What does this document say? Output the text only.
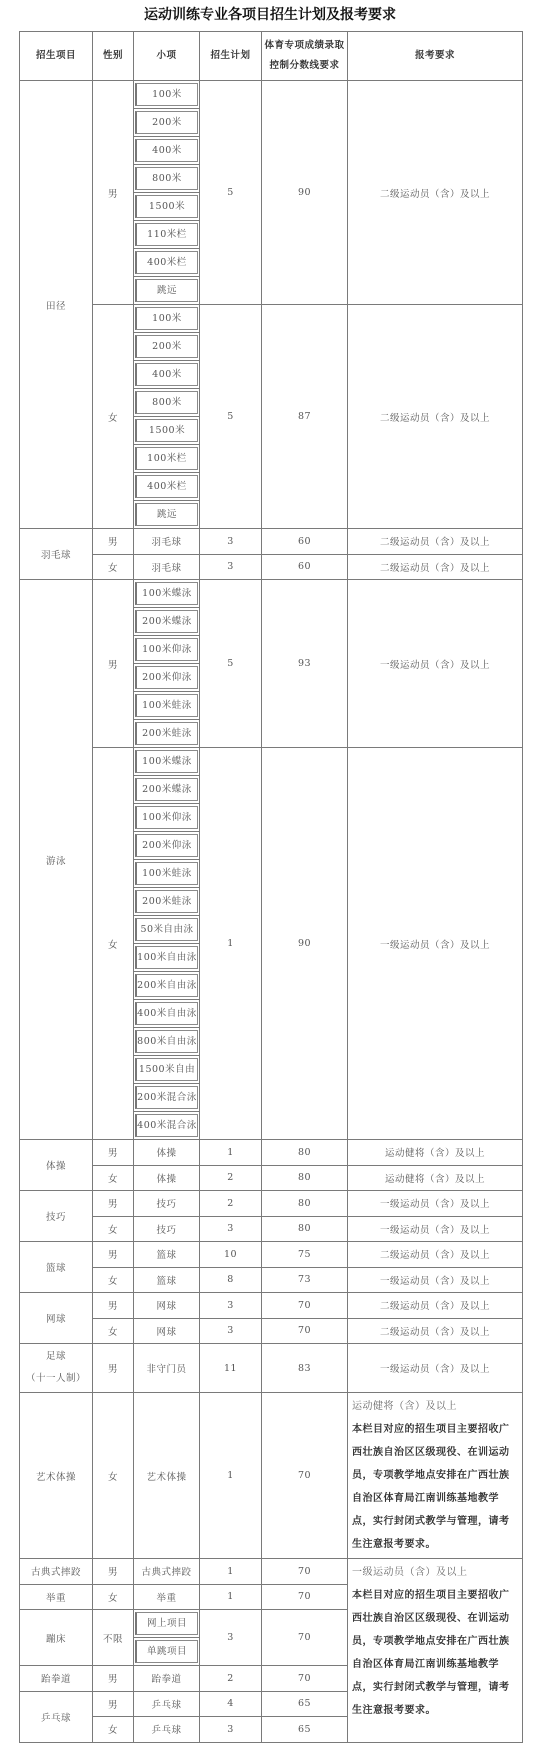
运动训练专业各项目招生计划及报考要求
招生项目	性别	小项	招生计划	体育专项成绩录取
控制分数线要求	报考要求
田径	男	100米	5	90	二级运动员（含）及以上

		200米			

		400米			

		800米			

		1500米			

		110米栏			

		400米栏			

		跳远			

	女	100米	5	87	二级运动员（含）及以上

		200米			

		400米			

		800米			

		1500米			

		100米栏			

		400米栏			

		跳远			

羽毛球	男	羽毛球	3	60	二级运动员（含）及以上
	女	羽毛球	3	60	二级运动员（含）及以上
游泳	男	100米蝶泳	5	93	一级运动员（含）及以上

		200米蝶泳			

		100米仰泳			

		200米仰泳			

		100米蛙泳			

		200米蛙泳			

	女	100米蝶泳	1	90	一级运动员（含）及以上

		200米蝶泳			

		100米仰泳			

		200米仰泳			

		100米蛙泳			

		200米蛙泳			

		50米自由泳			

		100米自由泳			

		200米自由泳			

		400米自由泳			

		800米自由泳			

		1500米自由			

		200米混合泳			

		400米混合泳			

体操	男	体操	1	80	运动健将（含）及以上
	女	体操	2	80	运动健将（含）及以上
技巧	男	技巧	2	80	一级运动员（含）及以上
	女	技巧	3	80	一级运动员（含）及以上
篮球	男	篮球	10	75	二级运动员（含）及以上
	女	篮球	8	73	一级运动员（含）及以上
网球	男	网球	3	70	二级运动员（含）及以上
	女	网球	3	70	二级运动员（含）及以上

足球
（十一人制）	男	非守门员	11	83	一级运动员（含）及以上
艺术体操	女	艺术体操	1	70	运动健将（含）及以上
本栏目对应的招生项目主要招收广西壮族自治区区级现役、在训运动员，专项教学地点安排在广西壮族自治区体育局江南训练基地教学点，实行封闭式教学与管理，请考生注意报考要求。

古典式摔跤	男	古典式摔跤	1	70	一级运动员（含）及以上
本栏目对应的招生项目主要招收广西壮族自治区区级现役、在训运动员，专项教学地点安排在广西壮族自治区体育局江南训练基地教学点，实行封闭式教学与管理，请考生注意报考要求。

举重	女	举重	1	70	
蹦床	不限	网上项目	3	70	

		单跳项目			

跆拳道	男	跆拳道	2	70	
乒乓球	男	乒乓球	4	65	
	女	乒乓球	3	65	
